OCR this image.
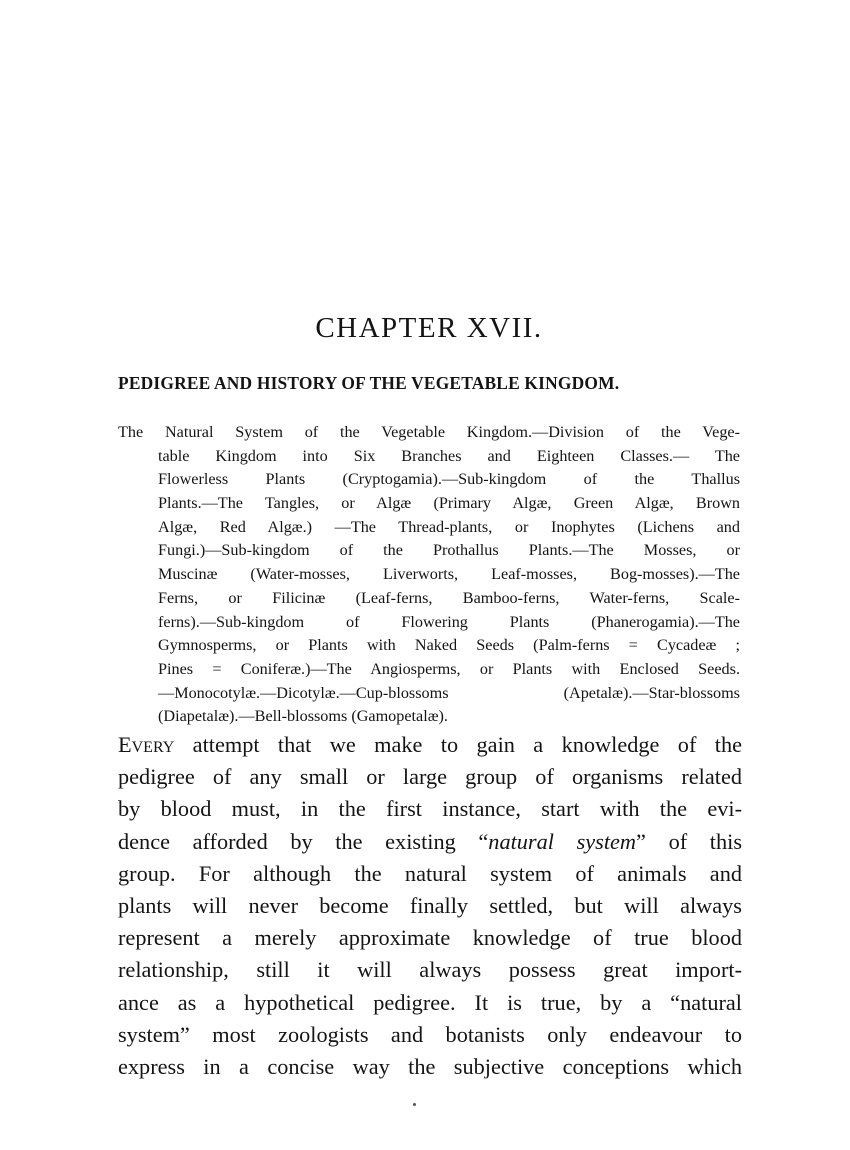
CHAPTER XVII.
PEDIGREE AND HISTORY OF THE VEGETABLE KINGDOM.
The Natural System of the Vegetable Kingdom.—Division of the Vege-
table Kingdom into Six Branches and Eighteen Classes.— The
Flowerless Plants (Cryptogamia).—Sub-kingdom of the Thallus
Plants.—The Tangles, or Algæ (Primary Algæ, Green Algæ, Brown
Algæ, Red Algæ.) —The Thread-plants, or Inophytes (Lichens and
Fungi.)—Sub-kingdom of the Prothallus Plants.—The Mosses, or
Muscinæ (Water-mosses, Liverworts, Leaf-mosses, Bog-mosses).—The
Ferns, or Filicinæ (Leaf-ferns, Bamboo-ferns, Water-ferns, Scale-
ferns).—Sub-kingdom of Flowering Plants (Phanerogamia).—The
Gymnosperms, or Plants with Naked Seeds (Palm-ferns = Cycadeæ ;
Pines = Coniferæ.)—The Angiosperms, or Plants with Enclosed Seeds.
—Monocotylæ.—Dicotylæ.—Cup-blossoms (Apetalæ).—Star-blossoms
(Diapetalæ).—Bell-blossoms (Gamopetalæ).
Every attempt that we make to gain a knowledge of the
pedigree of any small or large group of organisms related
by blood must, in the first instance, start with the evi-
dence afforded by the existing “natural system” of this
group. For although the natural system of animals and
plants will never become finally settled, but will always
represent a merely approximate knowledge of true blood
relationship, still it will always possess great import-
ance as a hypothetical pedigree. It is true, by a “natural
system” most zoologists and botanists only endeavour to
express in a concise way the subjective conceptions which
